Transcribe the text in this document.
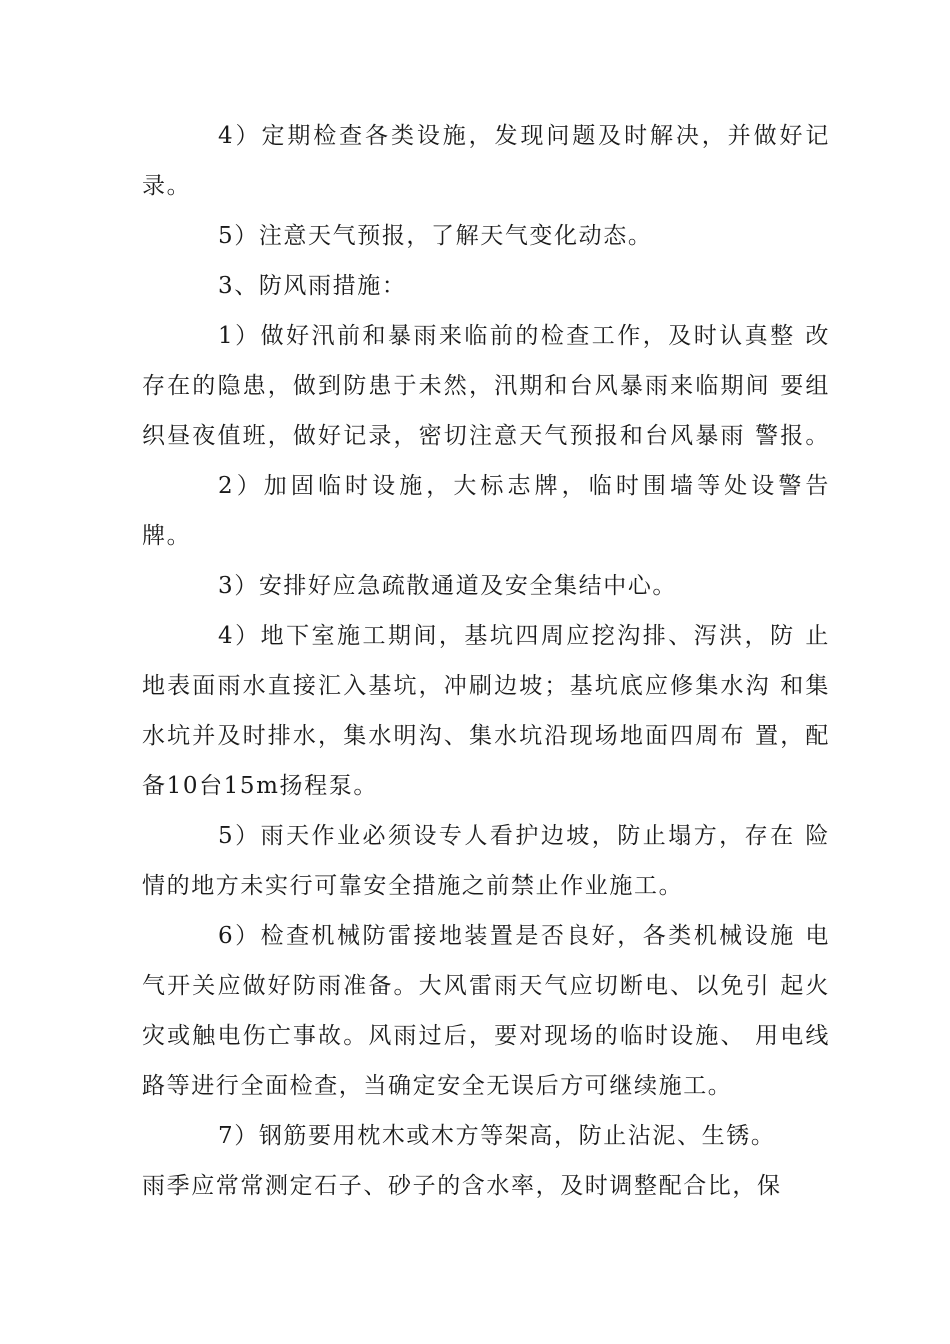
4）定期检查各类设施，发现问题及时解决，并做好记
录。
5）注意天气预报，了解天气变化动态。
3、防风雨措施：
1）做好汛前和暴雨来临前的检查工作，及时认真整 改
存在的隐患，做到防患于未然，汛期和台风暴雨来临期间 要组
织昼夜值班，做好记录，密切注意天气预报和台风暴雨 警报。
2）加固临时设施，大标志牌，临时围墙等处设警告
牌。
3）安排好应急疏散通道及安全集结中心。
4）地下室施工期间，基坑四周应挖沟排、泻洪，防 止
地表面雨水直接汇入基坑，冲刷边坡；基坑底应修集水沟 和集
水坑并及时排水，集水明沟、集水坑沿现场地面四周布 置，配
备10台15m扬程泵。
5）雨天作业必须设专人看护边坡，防止塌方，存在 险
情的地方未实行可靠安全措施之前禁止作业施工。
6）检查机械防雷接地装置是否良好，各类机械设施 电
气开关应做好防雨准备。大风雷雨天气应切断电、以免引 起火
灾或触电伤亡事故。风雨过后，要对现场的临时设施、 用电线
路等进行全面检查，当确定安全无误后方可继续施工。
7）钢筋要用枕木或木方等架高，防止沾泥、生锈。
雨季应常常测定石子、砂子的含水率，及时调整配合比，保
